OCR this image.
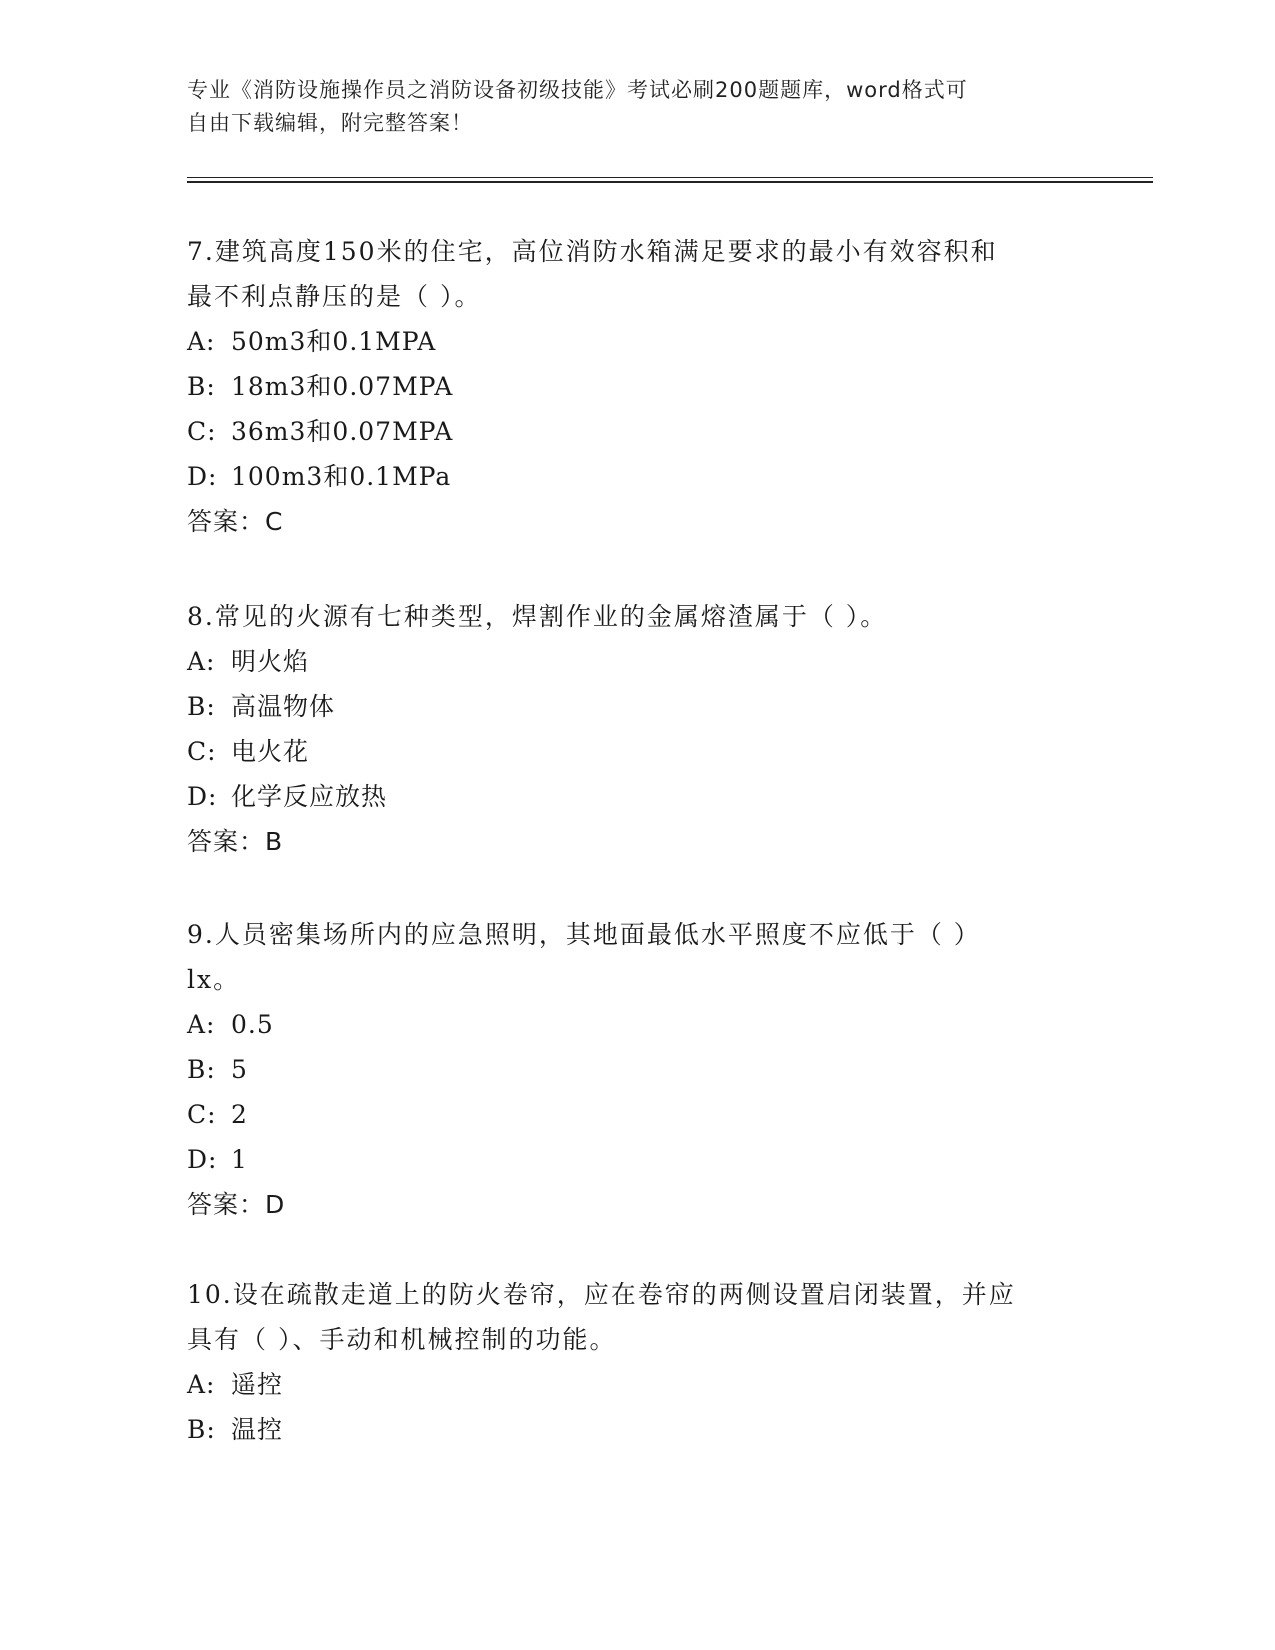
专业《消防设施操作员之消防设备初级技能》考试必刷200题题库，word格式可
自由下载编辑，附完整答案！

7.建筑高度150米的住宅，高位消防水箱满足要求的最小有效容积和

最不利点静压的是（ ）。

A: 50m3和0.1MPA

B: 18m3和0.07MPA

C: 36m3和0.07MPA

D: 100m3和0.1MPa

答案：C

8.常见的火源有七种类型，焊割作业的金属熔渣属于（ ）。

A: 明火焰

B: 高温物体

C: 电火花

D: 化学反应放热

答案：B

9.人员密集场所内的应急照明，其地面最低水平照度不应低于（ ）

lx。

A: 0.5

B: 5

C: 2

D: 1

答案：D

10.设在疏散走道上的防火卷帘，应在卷帘的两侧设置启闭装置，并应

具有（ ）、手动和机械控制的功能。

A: 遥控

B: 温控
